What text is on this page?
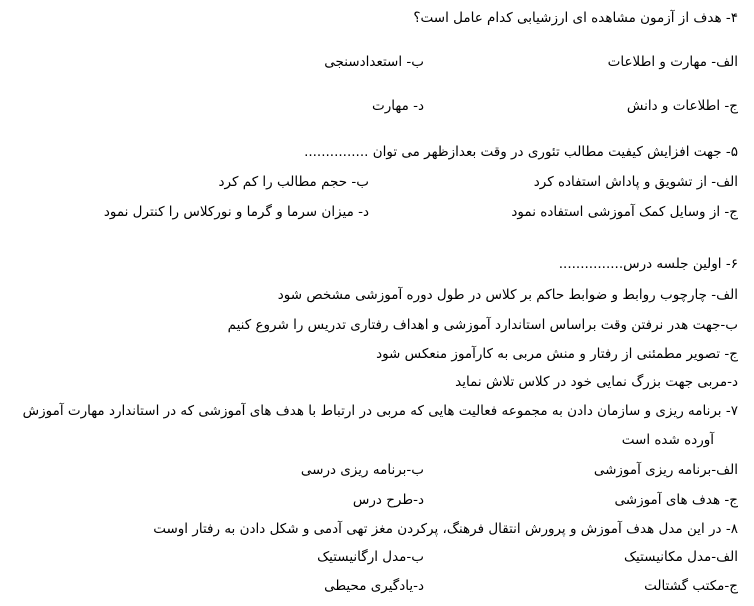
۴- هدف از آزمون مشاهده ای ارزشیابی کدام عامل است؟
الف- مهارت و اطلاعات
ب- استعدادسنجی
ج- اطلاعات و دانش
د- مهارت
۵- جهت افزایش کیفیت مطالب تئوری در وقت بعدازظهر می توان ...............
الف- از تشویق و پاداش استفاده کرد
ب- حجم مطالب را کم کرد
ج- از وسایل کمک آموزشی استفاده نمود
د- میزان سرما و گرما و نورکلاس را کنترل نمود
۶- اولین جلسه درس...............
الف- چارچوب روابط و ضوابط حاکم بر کلاس در طول دوره آموزشی مشخص شود
ب-جهت هدر نرفتن وقت براساس استاندارد آموزشی و اهداف رفتاری تدریس را شروع کنیم
ج- تصویر مطمئنی از رفتار و منش مربی به کارآموز منعکس شود
د-مربی جهت بزرگ نمایی خود در کلاس تلاش نماید
۷- برنامه ریزی و سازمان دادن به مجموعه فعالیت هایی که مربی در ارتباط با هدف های آموزشی که در استاندارد مهارت آموزش
آورده شده است
الف-برنامه ریزی آموزشی
ب-برنامه ریزی درسی
ج- هدف های آموزشی
د-طرح درس
۸- در این مدل هدف آموزش و پرورش انتقال فرهنگ، پرکردن مغز تهی آدمی و شکل دادن به رفتار اوست
الف-مدل مکانیستیک
ب-مدل ارگانیستیک
ج-مکتب گشتالت
د-یادگیری محیطی
